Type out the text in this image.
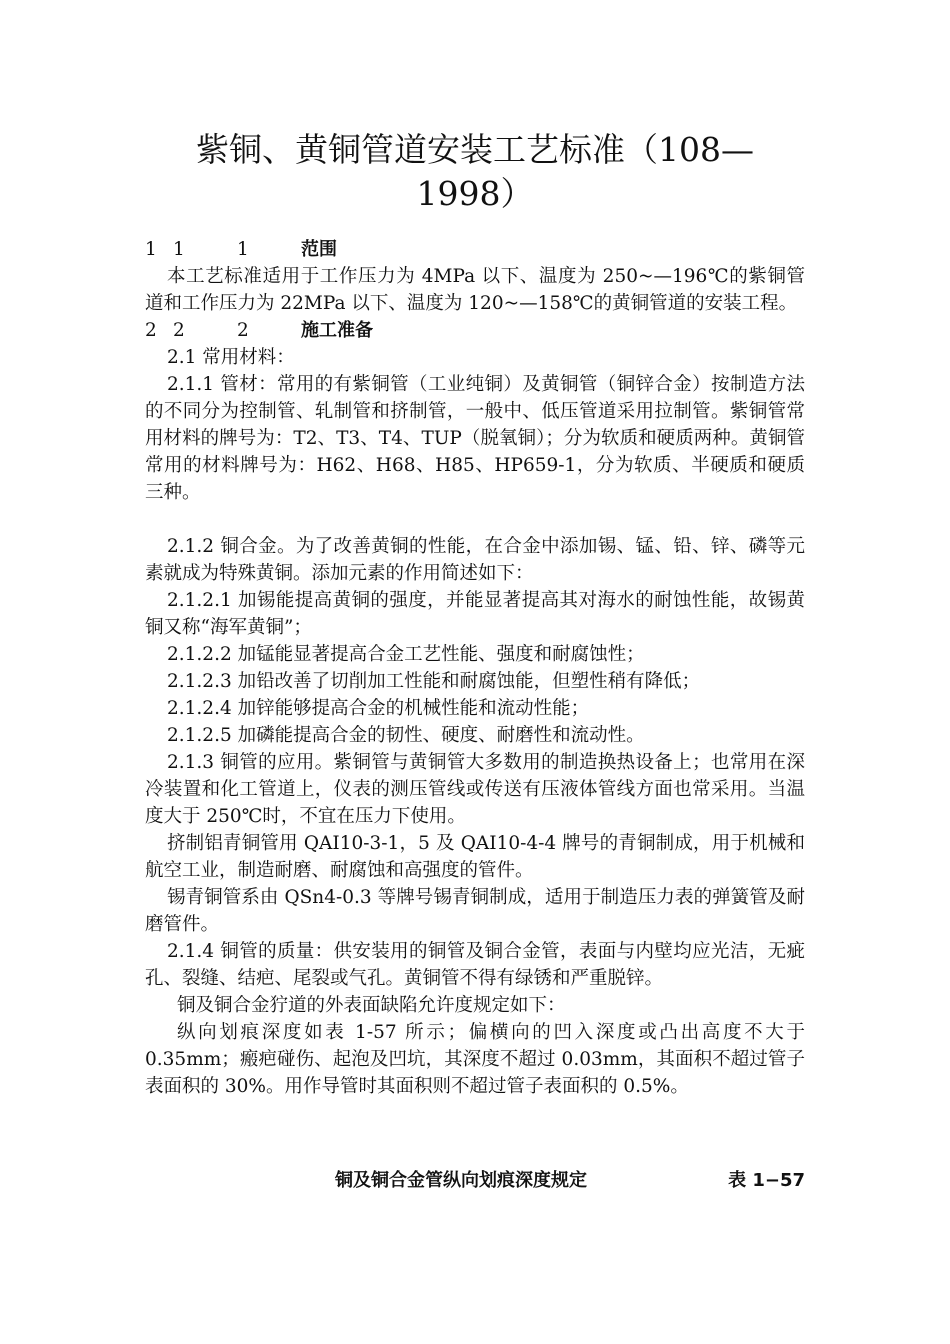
紫铜、黄铜管道安装工艺标准（108—
1998）
1 1	1	范围

本工艺标准适用于工作压力为 4MPa 以下、温度为 250~—196℃的紫铜管道和工作压力为 22MPa 以下、温度为 120~—158℃的黄铜管道的安装工程。

2 2	2	施工准备

2.1 常用材料：

2.1.1 管材：常用的有紫铜管（工业纯铜）及黄铜管（铜锌合金）按制造方法的不同分为控制管、轧制管和挤制管，一般中、低压管道采用拉制管。紫铜管常用材料的牌号为：T2、T3、T4、TUP（脱氧铜）；分为软质和硬质两种。黄铜管常用的材料牌号为：H62、H68、H85、HP659-1，分为软质、半硬质和硬质三种。

2.1.2 铜合金。为了改善黄铜的性能，在合金中添加锡、锰、铅、锌、磷等元素就成为特殊黄铜。添加元素的作用简述如下：

2.1.2.1 加锡能提高黄铜的强度，并能显著提高其对海水的耐蚀性能，故锡黄铜又称“海军黄铜”；

2.1.2.2 加锰能显著提高合金工艺性能、强度和耐腐蚀性；

2.1.2.3 加铅改善了切削加工性能和耐腐蚀能，但塑性稍有降低；

2.1.2.4 加锌能够提高合金的机械性能和流动性能；

2.1.2.5 加磷能提高合金的韧性、硬度、耐磨性和流动性。

2.1.3 铜管的应用。紫铜管与黄铜管大多数用的制造换热设备上；也常用在深冷装置和化工管道上，仪表的测压管线或传送有压液体管线方面也常采用。当温度大于 250℃时，不宜在压力下使用。

挤制铝青铜管用 QAI10-3-1，5 及 QAI10-4-4 牌号的青铜制成，用于机械和航空工业，制造耐磨、耐腐蚀和高强度的管件。

锡青铜管系由 QSn4-0.3 等牌号锡青铜制成，适用于制造压力表的弹簧管及耐磨管件。

2.1.4 铜管的质量：供安装用的铜管及铜合金管，表面与内壁均应光洁，无疵孔、裂缝、结疤、尾裂或气孔。黄铜管不得有绿锈和严重脱锌。

铜及铜合金狞道的外表面缺陷允许度规定如下：

纵向划痕深度如表 1-57 所示；偏横向的凹入深度或凸出高度不大于 0.35mm；瘢疤碰伤、起泡及凹坑，其深度不超过 0.03mm，其面积不超过管子表面积的 30%。用作导管时其面积则不超过管子表面积的 0.5%。

铜及铜合金管纵向划痕深度规定	表 1−57
